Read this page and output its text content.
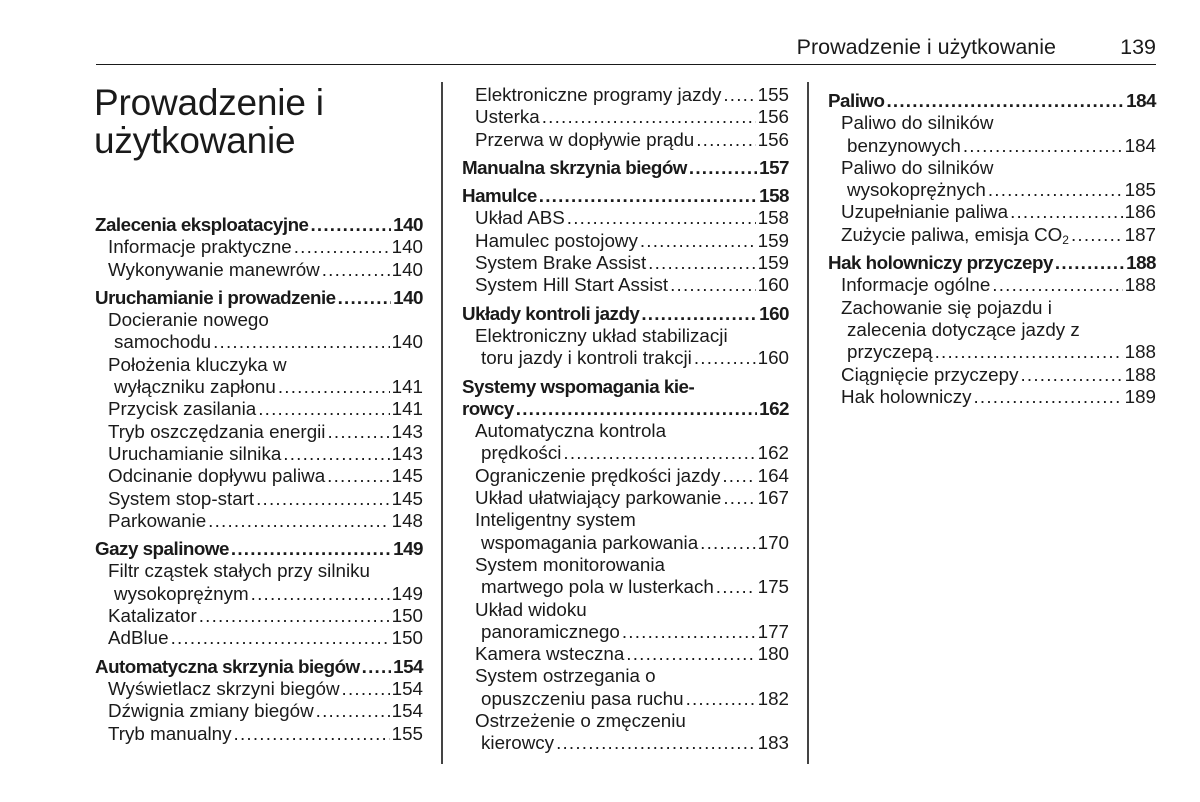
Prowadzenie i użytkowanie	139
Prowadzenie i użytkowanie
Zalecenia eksploatacyjne . . .	140
Informacje praktyczne . . .	140
Wykonywanie manewrów . . .	140
Uruchamianie i prowadzenie . . .	140
Docieranie nowego
samochodu . . .	140
Położenia kluczyka w
wyłączniku zapłonu . . .	141
Przycisk zasilania . . .	141
Tryb oszczędzania energii . . .	143
Uruchamianie silnika . . .	143
Odcinanie dopływu paliwa . . .	145
System stop-start . . .	145
Parkowanie . . .	148
Gazy spalinowe . . .	149
Filtr cząstek stałych przy silniku
wysokoprężnym . . .	149
Katalizator . . .	150
AdBlue . . .	150
Automatyczna skrzynia biegów . . . 154
Wyświetlacz skrzyni biegów . . .	154
Dźwignia zmiany biegów . . .	154
Tryb manualny . . .	155
Elektroniczne programy jazdy . . . 155
Usterka . . .	156
Przerwa w dopływie prądu . . .	156
Manualna skrzynia biegów . . .	157
Hamulce . . .	158
Układ ABS . . .	158
Hamulec postojowy . . .	159
System Brake Assist . . .	159
System Hill Start Assist . . .	160
Układy kontroli jazdy . . .	160
Elektroniczny układ stabilizacji
toru jazdy i kontroli trakcji . . .	160
Systemy wspomagania kie-
rowcy . . .	162
Automatyczna kontrola
prędkości . . .	162
Ograniczenie prędkości jazdy . . . 164
Układ ułatwiający parkowanie . . . 167
Inteligentny system
wspomagania parkowania . . .	170
System monitorowania
martwego pola w lusterkach . . . 175
Układ widoku
panoramicznego . . .	177
Kamera wsteczna . . .	180
System ostrzegania o
opuszczeniu pasa ruchu . . .	182
Ostrzeżenie o zmęczeniu
kierowcy . . .	183
Paliwo . . .	184
Paliwo do silników
benzynowych . . .	184
Paliwo do silników
wysokoprężnych . . .	185
Uzupełnianie paliwa . . .	186
Zużycie paliwa, emisja $CO_2$ . . .	187
Hak holowniczy przyczepy . . .	188
Informacje ogólne . . .	188
Zachowanie się pojazdu i
zalecenia dotyczące jazdy z
przyczepą . . .	188
Ciągnięcie przyczepy . . .	188
Hak holowniczy . . .	189
